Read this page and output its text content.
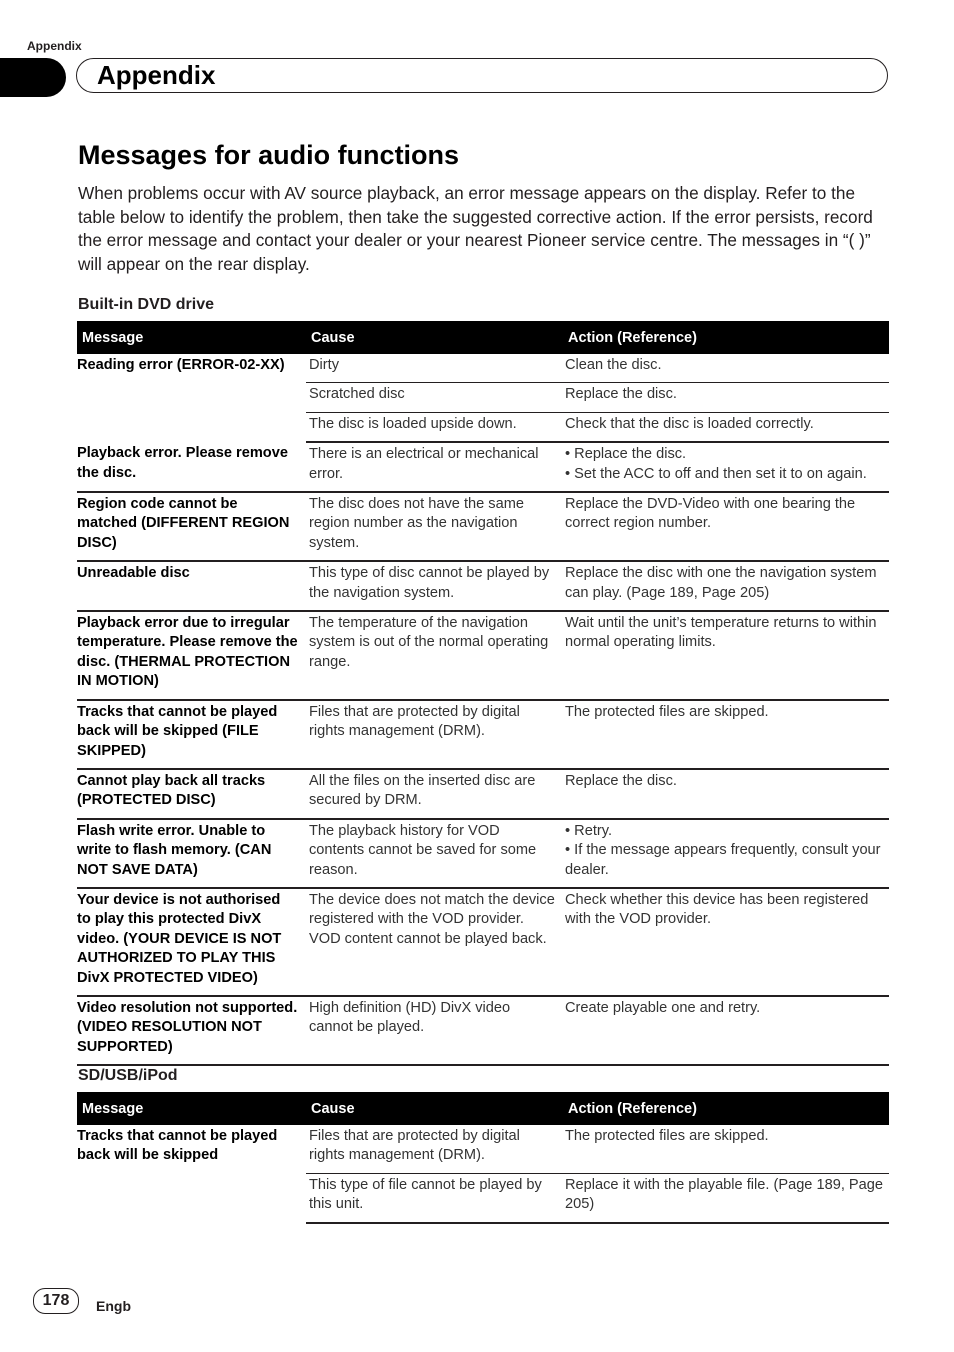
Appendix
Appendix
Messages for audio functions

When problems occur with AV source playback, an error message appears on the display. Refer to the table below to identify the problem, then take the suggested corrective action. If the error persists, record the error message and contact your dealer or your nearest Pioneer service centre. The messages in “( )” will appear on the rear display.

Built-in DVD drive
Message	Cause	Action (Reference)
Reading error (ERROR-02-XX)	Dirty	Clean the disc.

	Scratched disc	Replace the disc.

	The disc is loaded upside down.	Check that the disc is loaded correctly.

Playback error. Please remove the disc.	There is an electrical or mechanical error.	• Replace the disc.
• Set the ACC to off and then set it to on again.

Region code cannot be matched (DIFFERENT REGION DISC)	The disc does not have the same region number as the navigation system.	Replace the DVD-Video with one bearing the correct region number.

Unreadable disc	This type of disc cannot be played by the navigation system.	Replace the disc with one the navigation system can play. (Page 189, Page 205)

Playback error due to irregular temperature. Please remove the disc. (THERMAL PROTECTION IN MOTION)	The temperature of the navigation system is out of the normal operating range.	Wait until the unit’s temperature returns to within normal operating limits.

Tracks that cannot be played back will be skipped (FILE SKIPPED)	Files that are protected by digital rights management (DRM).	The protected files are skipped.

Cannot play back all tracks (PROTECTED DISC)	All the files on the inserted disc are secured by DRM.	Replace the disc.

Flash write error. Unable to write to flash memory. (CAN NOT SAVE DATA)	The playback history for VOD contents cannot be saved for some reason.	• Retry.
• If the message appears frequently, consult your dealer.

Your device is not authorised to play this protected DivX video. (YOUR DEVICE IS NOT AUTHORIZED TO PLAY THIS DivX PROTECTED VIDEO)	The device does not match the device registered with the VOD provider. VOD content cannot be played back.	Check whether this device has been registered with the VOD provider.

Video resolution not supported. (VIDEO RESOLUTION NOT SUPPORTED)	High definition (HD) DivX video cannot be played.	Create playable one and retry.
SD/USB/iPod
Message	Cause	Action (Reference)
Tracks that cannot be played back will be skipped	Files that are protected by digital rights management (DRM).	The protected files are skipped.

	This type of file cannot be played by this unit.	Replace it with the playable file. (Page 189, Page 205)
178	Engb
